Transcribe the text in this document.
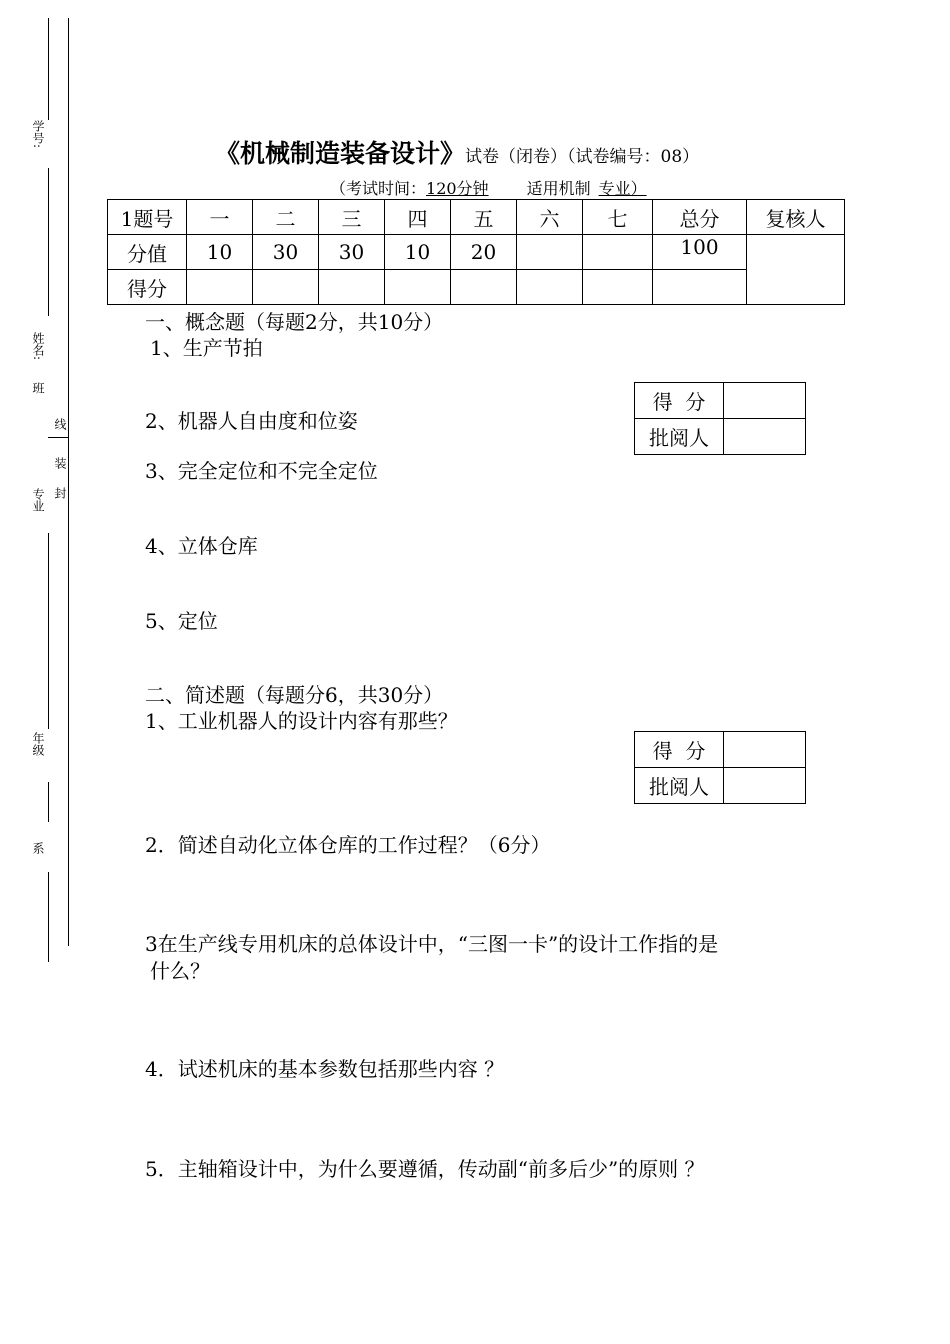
学号:
姓名:
班
线
装
封
专业
年级
系
《机械制造装备设计》试卷（闭卷）（试卷编号：08）
（考试时间：120分钟 适用机制 专业）
1题号	一	二	三	四	五	六	七	总分	复核人
分值	10	30	30	10	20			100	
得分									
一、概念题（每题2分，共10分）
1、生产节拍
得  分	
批阅人	
2、机器人自由度和位姿
3、完全定位和不完全定位
4、立体仓库
5、定位
二、简述题（每题分6，共30分）
1、工业机器人的设计内容有那些？
得  分	
批阅人	
2．简述自动化立体仓库的工作过程？（6分）
3在生产线专用机床的总体设计中，“三图一卡”的设计工作指的是
什么？
4．试述机床的基本参数包括那些内容 ？
5．主轴箱设计中，为什么要遵循，传动副“前多后少”的原则 ？
